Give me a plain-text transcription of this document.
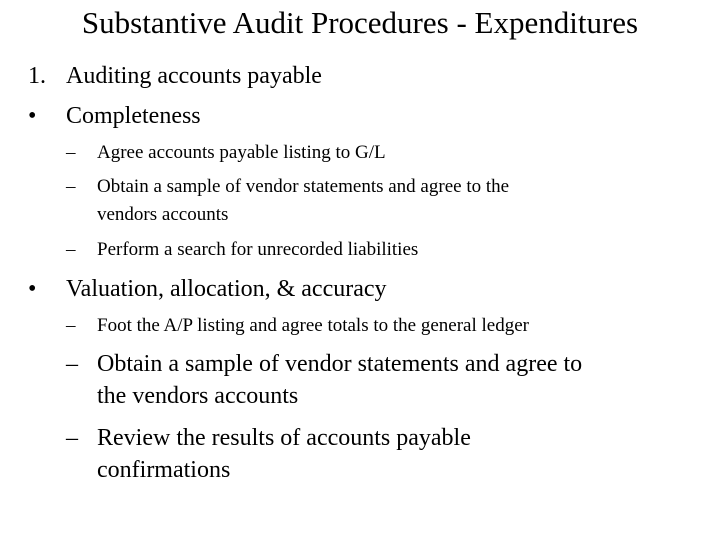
Substantive Audit Procedures - Expenditures
1. Auditing accounts payable
• Completeness
– Agree accounts payable listing to G/L
– Obtain a sample of vendor statements and agree to the
vendors accounts
– Perform a search for unrecorded liabilities
• Valuation, allocation, & accuracy
– Foot the A/P listing and agree totals to the general ledger
– Obtain a sample of vendor statements and agree to
the vendors accounts
– Review the results of accounts payable
confirmations
